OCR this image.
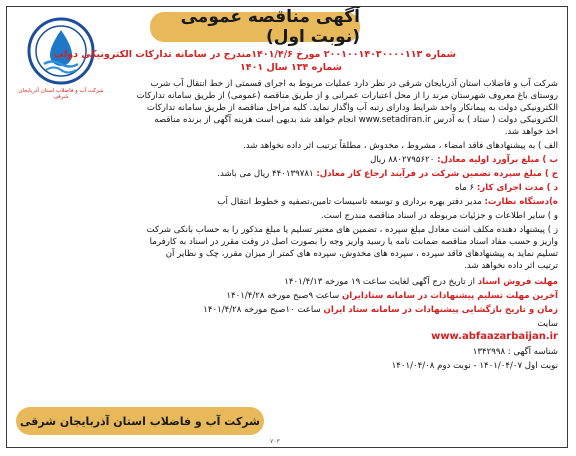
آگهی مناقصه عمومی (نوبت اول)
شرکت آب و فاضلاب استان آذربایجان شرقی
شماره ۲۰۰۱۰۰۱۴۰۳۰۰۰۰۱۱۳ مورخ ۱۴۰۱/۴/۶مندرج در سامانه تدارکات الکترونیکی دولت
شماره ۱۳۴ سال ۱۴۰۱
شرکت آب و فاضلاب استان آذربایجان شرقی در نظر دارد عملیات مربوط به اجرای قسمتی از خط انتقال آب شرب
روستای باغ معروف شهرستان مرند را از محل اعتبارات عمرانی و از طریق مناقصه (عمومی) از طریق سامانه تدارکات
الکترونیکی دولت به پیمانکار واحد شرایط ودارای رتبه آب واگذار نماید. کلیه مراحل مناقصه از طریق سامانه تدارکات
الکترونیکی دولت ( ستاد ) به آدرس www.setadiran.ir انجام خواهد شد بدیهی است هزینه آگهی از برنده مناقصه
اخذ خواهد شد.
الف ) به پیشنهادهای فاقد امضاء ، مشروط ، مخدوش ، مطلقاً ترتیب اثر داده نخواهد شد.
ب ) مبلغ برآورد اولیه معادل: ۸۸۰۲۷۹۵۶۲۰ ریال
ج ) مبلغ سپرده تضمین شرکت در فرآیند ارجاع کار معادل: ۴۴۰۱۳۹۷۸۱ ریال می باشد.
د ) مدت اجرای کار: ۶ ماه
ه)دستگاه نظارت: مدیر دفتر بهره برداری و توسعه تاسیسات تامین،تصفیه و خطوط انتقال آب
و ) سایر اطلاعات و جزئیات مربوطه در اسناد مناقصه مندرج است.
ز ) پیشنهاد دهنده مکلف است معادل مبلغ سپرده ، تضمین های معتبر تسلیم یا مبلغ مذکور را به حساب بانکی شرکت
واریز و حسب مفاد اسناد مناقصه ضمانت نامه یا رسید واریز وجه را بصورت اصل در وقت مقرر در اسناد به کارفرما
تسلیم نماید به پیشنهادهای فاقد سپرده ، سپرده های مخدوش، سپرده های کمتر از میزان مقرر، چک و نظایر آن
ترتیب اثر داده نخواهد شد.
مهلت فروش اسناد از تاریخ درج آگهی لغایت ساعت ۱۹ مورخه ۱۴۰۱/۴/۱۳
آخرین مهلت تسلیم پیشنهادات در سامانه ستادایران ساعت ۹صبح مورخه ۱۴۰۱/۴/۲۸
زمان و تاریخ بازگشایی پیشنهادات در سامانه ستاد ایران ساعت ۱۰صبح مورخه ۱۴۰۱/۴/۲۸
سایت
www.abfaazarbaijan.ir
شناسه آگهی : ۱۳۴۲۹۹۸
نوبت اول ۱۴۰۱/۰۴/۰۷ - نوبت دوم ۱۴۰۱/۰۴/۰۸
شرکت آب و فاضلاب استان آذربایجان شرقی
۷۰۳
